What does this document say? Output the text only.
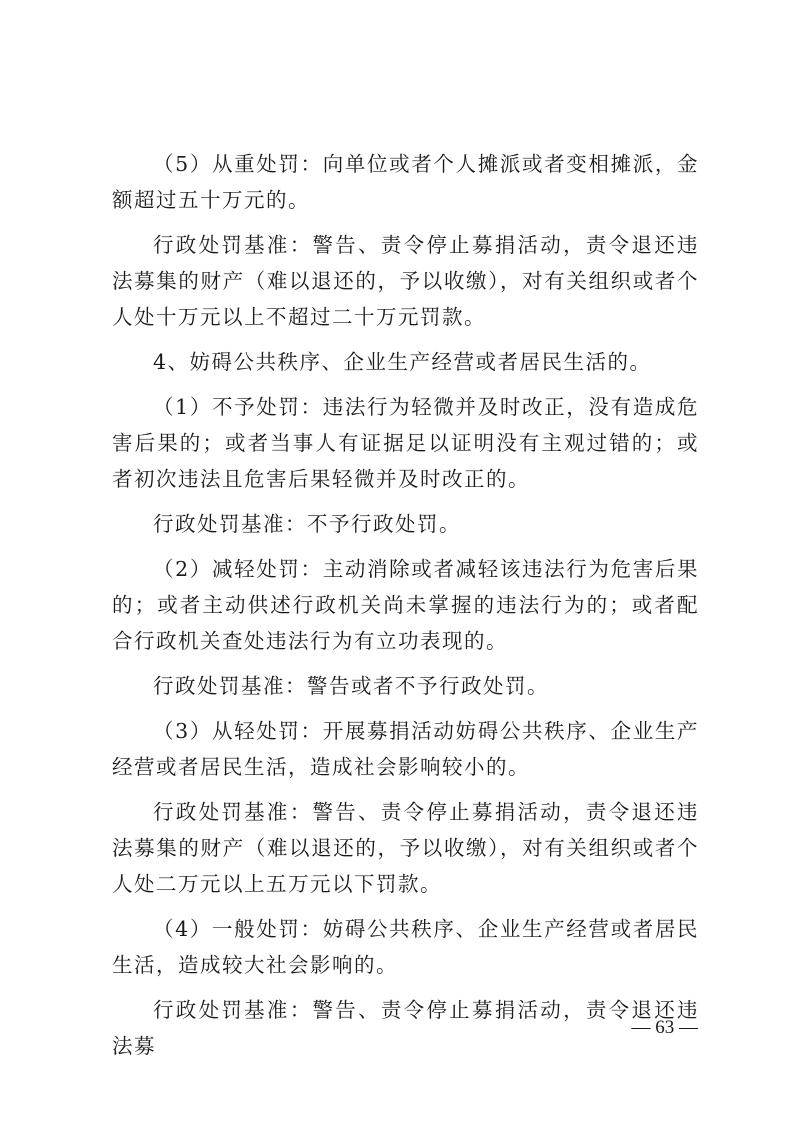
（5）从重处罚：向单位或者个人摊派或者变相摊派，金额超过五十万元的。

行政处罚基准：警告、责令停止募捐活动，责令退还违法募集的财产（难以退还的，予以收缴），对有关组织或者个人处十万元以上不超过二十万元罚款。

4、妨碍公共秩序、企业生产经营或者居民生活的。

（1）不予处罚：违法行为轻微并及时改正，没有造成危害后果的；或者当事人有证据足以证明没有主观过错的；或者初次违法且危害后果轻微并及时改正的。

行政处罚基准：不予行政处罚。

（2）减轻处罚：主动消除或者减轻该违法行为危害后果的；或者主动供述行政机关尚未掌握的违法行为的；或者配合行政机关查处违法行为有立功表现的。

行政处罚基准：警告或者不予行政处罚。

（3）从轻处罚：开展募捐活动妨碍公共秩序、企业生产经营或者居民生活，造成社会影响较小的。

行政处罚基准：警告、责令停止募捐活动，责令退还违法募集的财产（难以退还的，予以收缴），对有关组织或者个人处二万元以上五万元以下罚款。

（4）一般处罚：妨碍公共秩序、企业生产经营或者居民生活，造成较大社会影响的。

行政处罚基准：警告、责令停止募捐活动，责令退还违法募

— 63 —
